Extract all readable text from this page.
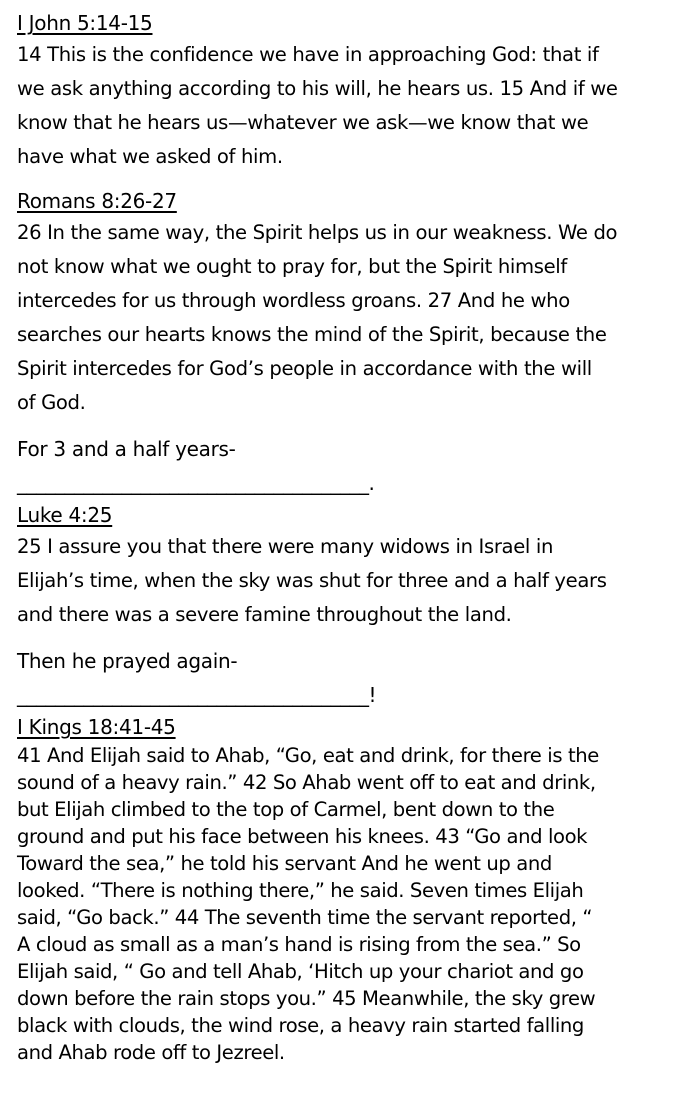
I John 5:14-15

14 This is the confidence we have in approaching God: that if
we ask anything according to his will, he hears us. 15 And if we
know that he hears us—whatever we ask—we know that we
have what we asked of him.

Romans 8:26-27

26 In the same way, the Spirit helps us in our weakness. We do
not know what we ought to pray for, but the Spirit himself
intercedes for us through wordless groans. 27 And he who
searches our hearts knows the mind of the Spirit, because the
Spirit intercedes for God’s people in accordance with the will
of God.

For 3 and a half years-

_____________________________________.

Luke 4:25

25 I assure you that there were many widows in Israel in
Elijah’s time, when the sky was shut for three and a half years
and there was a severe famine throughout the land.

Then he prayed again-

_____________________________________!

I Kings 18:41-45

41 And Elijah said to Ahab, “Go, eat and drink, for there is the
sound of a heavy rain.” 42 So Ahab went off to eat and drink,
but Elijah climbed to the top of Carmel, bent down to the
ground and put his face between his knees. 43 “Go and look
Toward the sea,” he told his servant And he went up and
looked. “There is nothing there,” he said. Seven times Elijah
said, “Go back.” 44 The seventh time the servant reported, “
A cloud as small as a man’s hand is rising from the sea.” So
Elijah said, “ Go and tell Ahab, ‘Hitch up your chariot and go
down before the rain stops you.” 45 Meanwhile, the sky grew
black with clouds, the wind rose, a heavy rain started falling
and Ahab rode off to Jezreel.
